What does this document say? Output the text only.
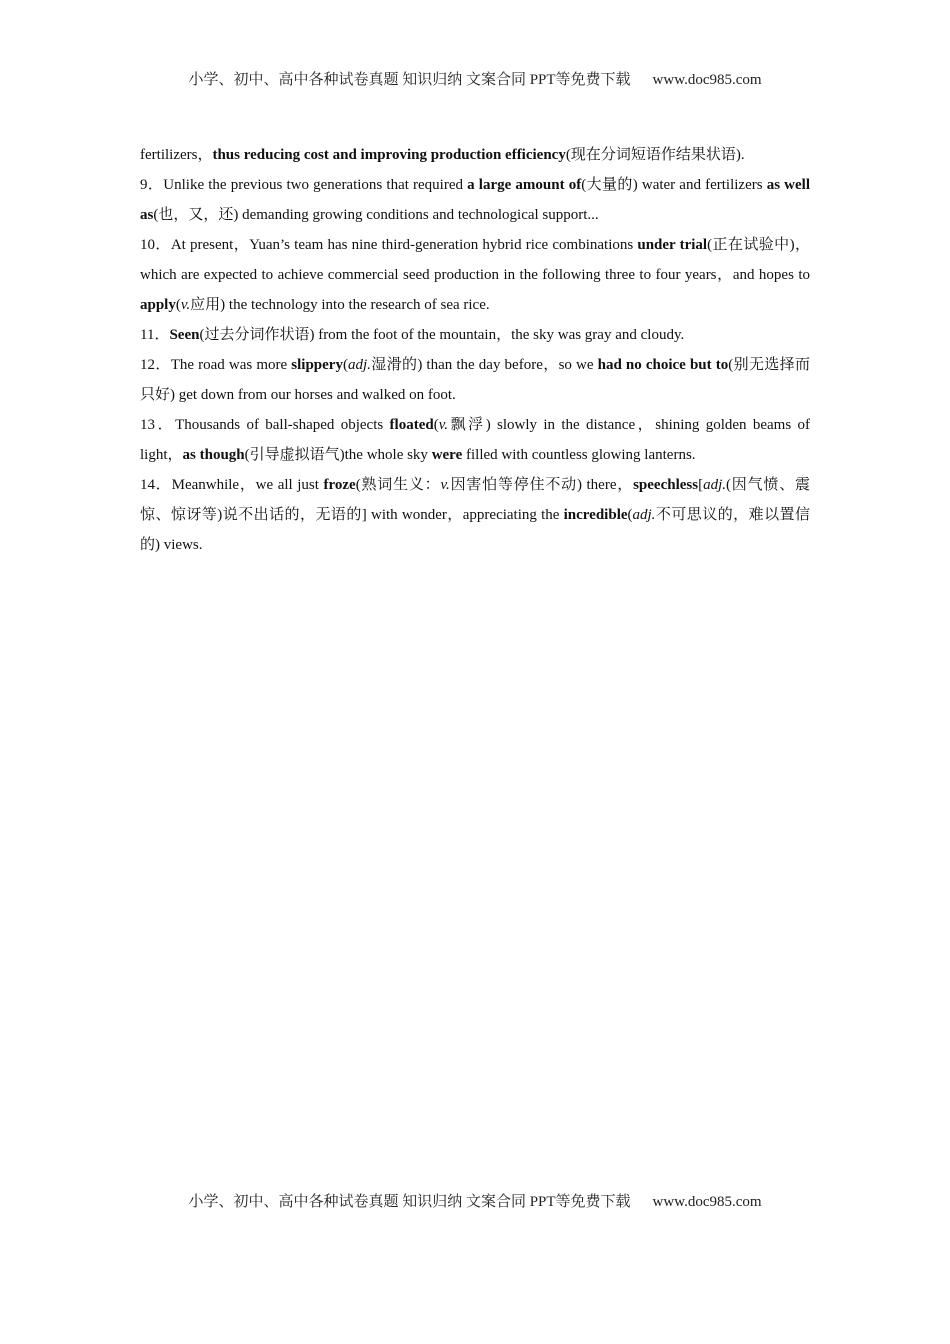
小学、初中、高中各种试卷真题 知识归纳 文案合同 PPT等免费下载 www.doc985.com

fertilizers，thus reducing cost and improving production efficiency(现在分词短语作结果状语).

9．Unlike the previous two generations that required a large amount of(大量的) water and fertilizers as well as(也，又，还) demanding growing conditions and technological support...

10．At present，Yuan’s team has nine third-generation hybrid rice combinations under trial(正在试验中)，which are expected to achieve commercial seed production in the following three to four years，and hopes to apply(v.应用) the technology into the research of sea rice.

11．Seen(过去分词作状语) from the foot of the mountain，the sky was gray and cloudy.

12．The road was more slippery(adj.湿滑的) than the day before，so we had no choice but to(别无选择而只好) get down from our horses and walked on foot.

13．Thousands of ball-shaped objects floated(v.飘浮) slowly in the distance，shining golden beams of light，as though(引导虚拟语气)the whole sky were filled with countless glowing lanterns.

14．Meanwhile，we all just froze(熟词生义：v.因害怕等停住不动) there，speechless[adj.(因气愤、震惊、惊讶等)说不出话的，无语的] with wonder，appreciating the incredible(adj.不可思议的，难以置信的) views.

小学、初中、高中各种试卷真题 知识归纳 文案合同 PPT等免费下载 www.doc985.com
